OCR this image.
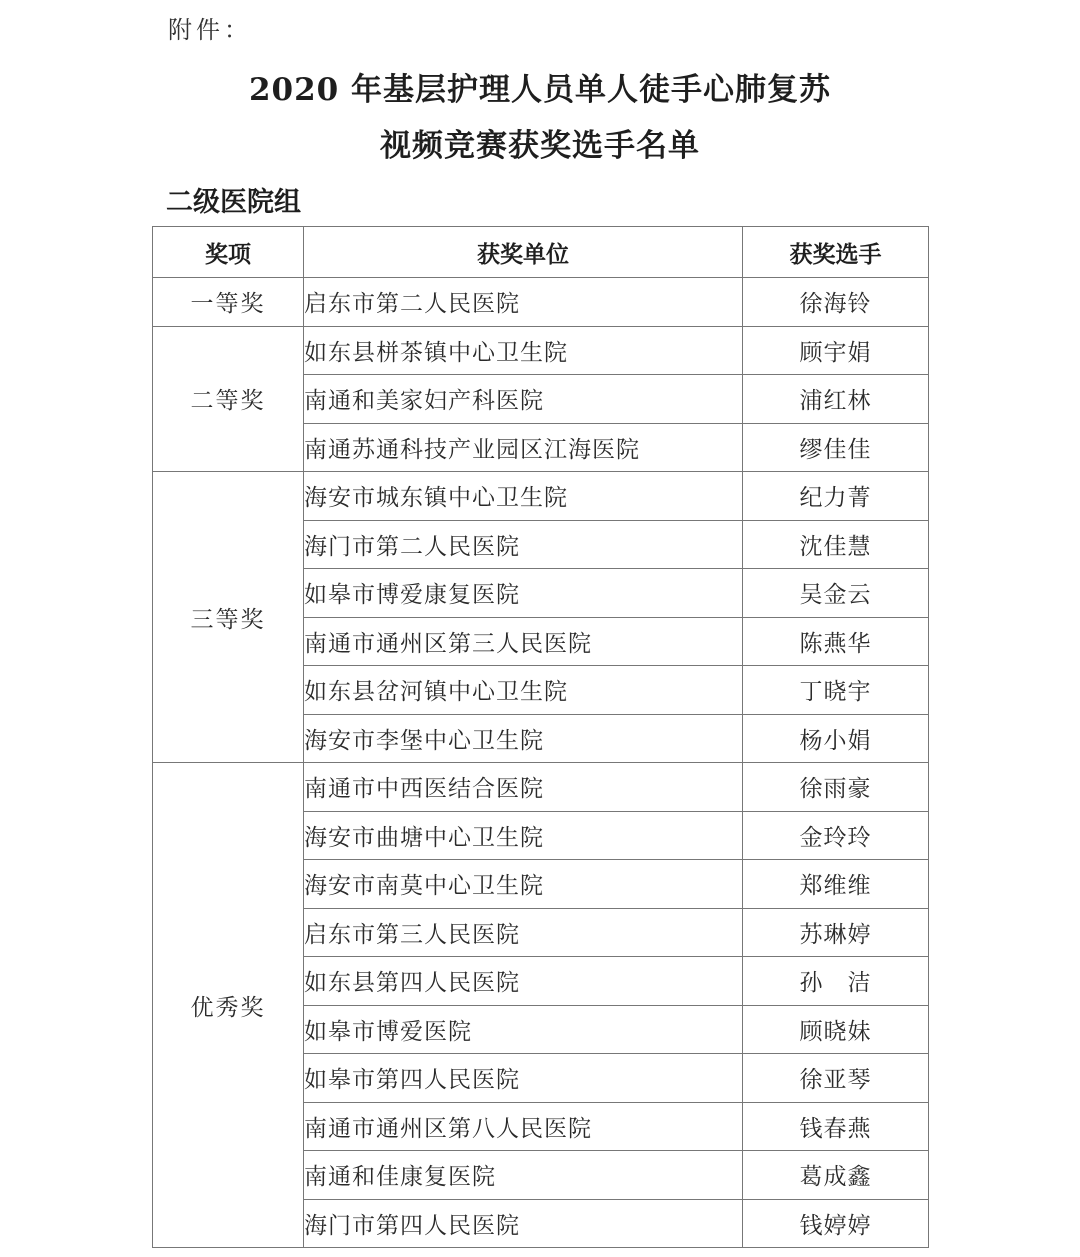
附件：
2020 年基层护理人员单人徒手心肺复苏
视频竞赛获奖选手名单
二级医院组
奖项	获奖单位	获奖选手
一等奖	启东市第二人民医院	徐海铃
二等奖	如东县栟茶镇中心卫生院	顾宇娟
	南通和美家妇产科医院	浦红林
	南通苏通科技产业园区江海医院	缪佳佳
三等奖	海安市城东镇中心卫生院	纪力菁
	海门市第二人民医院	沈佳慧
	如皋市博爱康复医院	吴金云
	南通市通州区第三人民医院	陈燕华
	如东县岔河镇中心卫生院	丁晓宇
	海安市李堡中心卫生院	杨小娟
优秀奖	南通市中西医结合医院	徐雨豪
	海安市曲塘中心卫生院	金玲玲
	海安市南莫中心卫生院	郑维维
	启东市第三人民医院	苏琳婷
	如东县第四人民医院	孙　洁
	如皋市博爱医院	顾晓妹
	如皋市第四人民医院	徐亚琴
	南通市通州区第八人民医院	钱春燕
	南通和佳康复医院	葛成鑫
	海门市第四人民医院	钱婷婷
